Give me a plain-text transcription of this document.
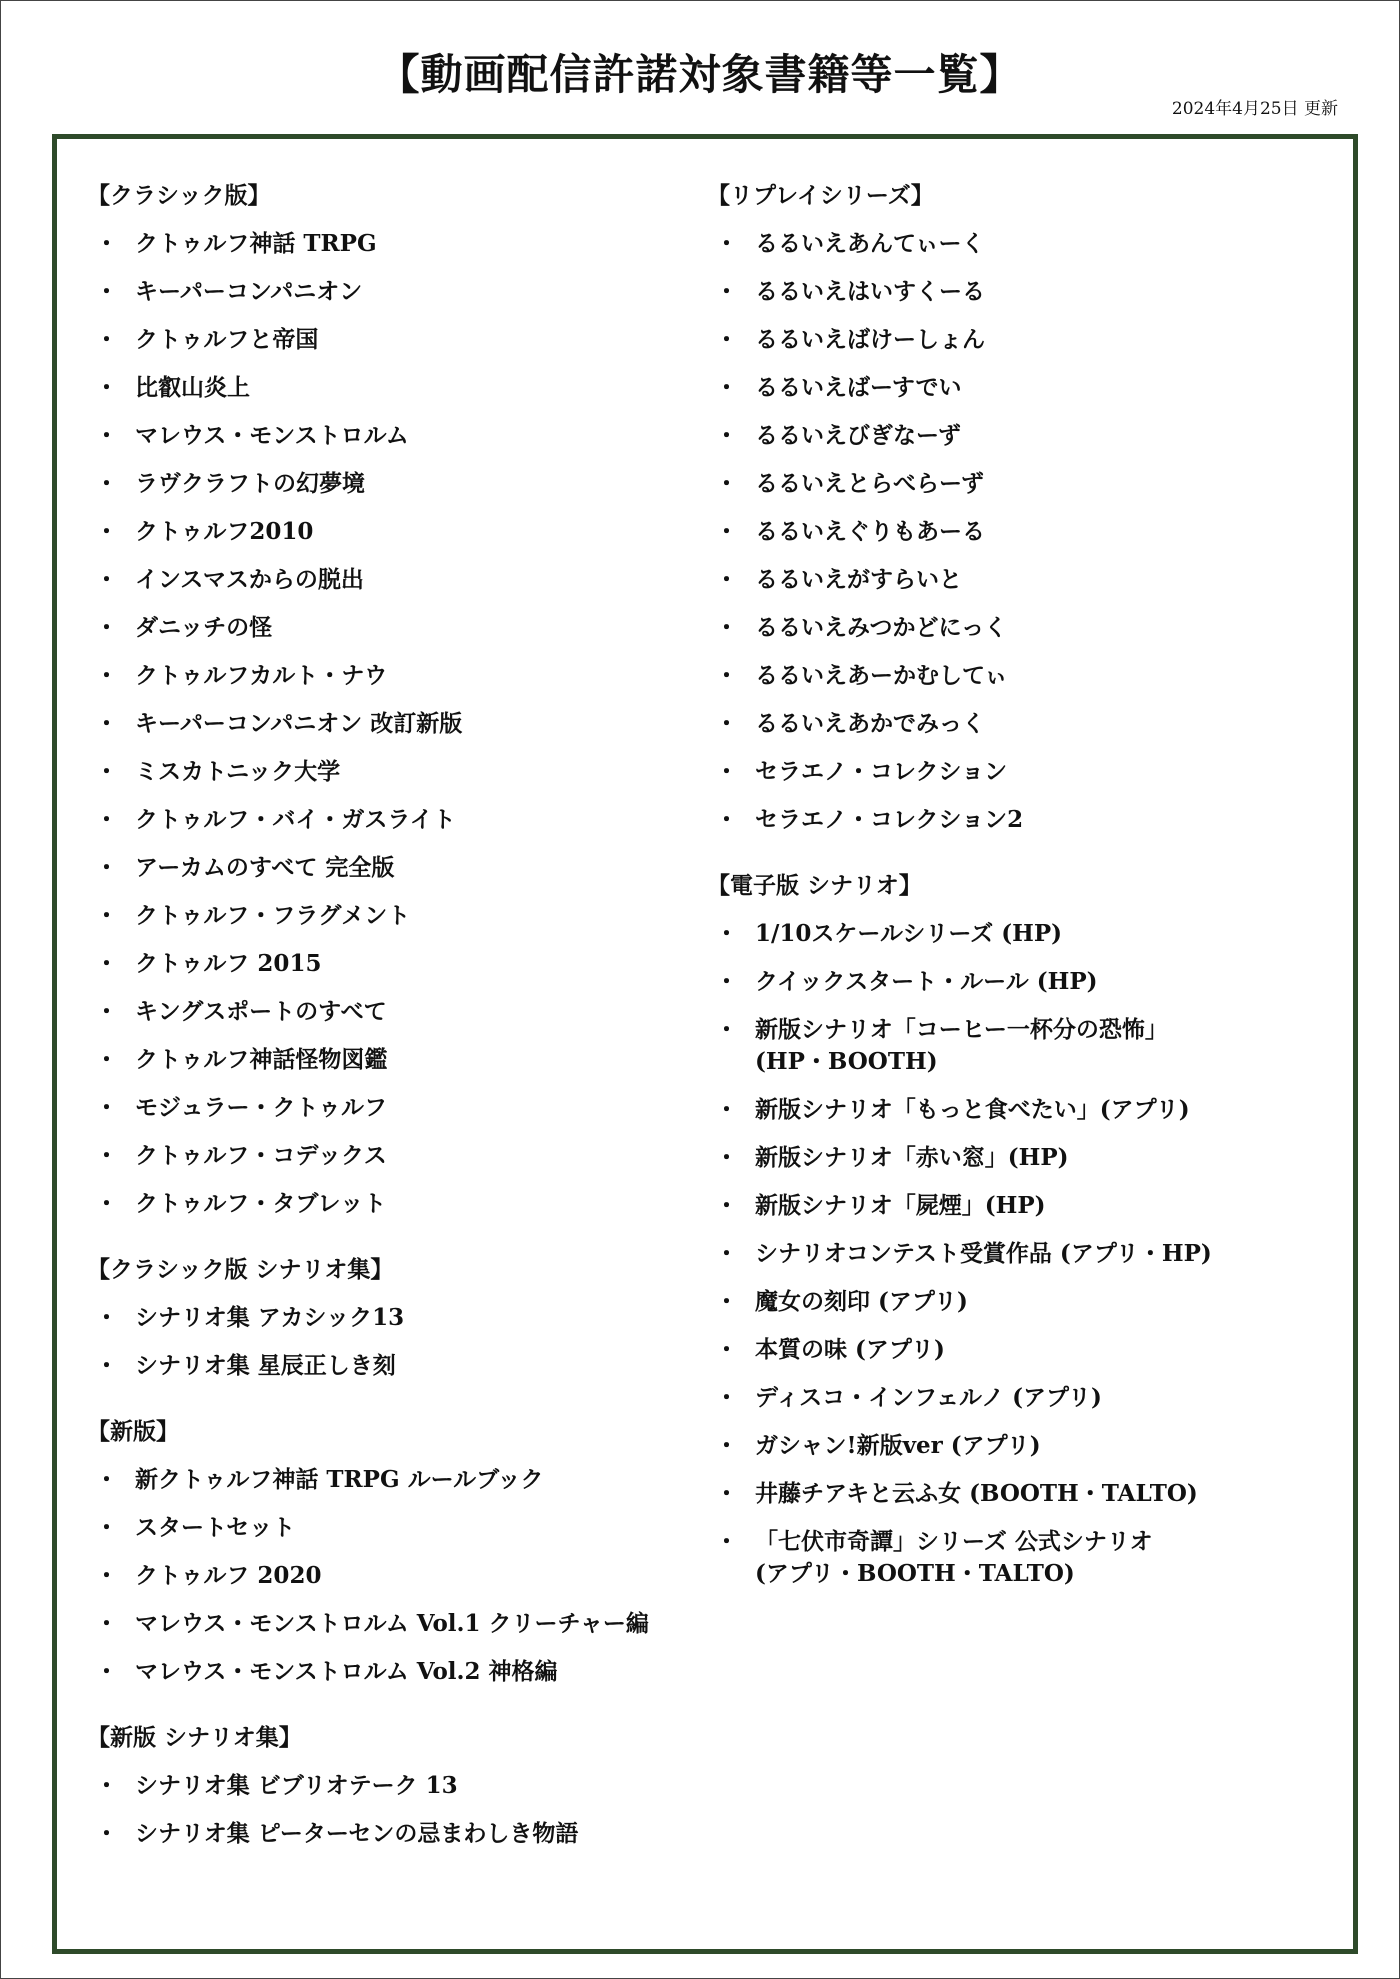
【動画配信許諾対象書籍等一覧】

2024年4月25日 更新

【クラシック版】
・ クトゥルフ神話 TRPG
・ キーパーコンパニオン
・ クトゥルフと帝国
・ 比叡山炎上
・ マレウス・モンストロルム
・ ラヴクラフトの幻夢境
・ クトゥルフ2010
・ インスマスからの脱出
・ ダニッチの怪
・ クトゥルフカルト・ナウ
・ キーパーコンパニオン 改訂新版
・ ミスカトニック大学
・ クトゥルフ・バイ・ガスライト
・ アーカムのすべて 完全版
・ クトゥルフ・フラグメント
・ クトゥルフ 2015
・ キングスポートのすべて
・ クトゥルフ神話怪物図鑑
・ モジュラー・クトゥルフ
・ クトゥルフ・コデックス
・ クトゥルフ・タブレット
【クラシック版 シナリオ集】
・ シナリオ集 アカシック13
・ シナリオ集 星辰正しき刻
【新版】
・ 新クトゥルフ神話 TRPG ルールブック
・ スタートセット
・ クトゥルフ 2020
・ マレウス・モンストロルム Vol.1 クリーチャー編
・ マレウス・モンストロルム Vol.2 神格編
【新版 シナリオ集】
・ シナリオ集 ビブリオテーク 13
・ シナリオ集 ピーターセンの忌まわしき物語
【リプレイシリーズ】
・ るるいえあんてぃーく
・ るるいえはいすくーる
・ るるいえばけーしょん
・ るるいえばーすでい
・ るるいえびぎなーず
・ るるいえとらべらーず
・ るるいえぐりもあーる
・ るるいえがすらいと
・ るるいえみつかどにっく
・ るるいえあーかむしてぃ
・ るるいえあかでみっく
・ セラエノ・コレクション
・ セラエノ・コレクション2
【電子版 シナリオ】
・ 1/10スケールシリーズ (HP)
・ クイックスタート・ルール (HP)
・ 新版シナリオ「コーヒー一杯分の恐怖」
(HP・BOOTH)
・ 新版シナリオ「もっと食べたい」(アプリ)
・ 新版シナリオ「赤い窓」(HP)
・ 新版シナリオ「屍煙」(HP)
・ シナリオコンテスト受賞作品 (アプリ・HP)
・ 魔女の刻印 (アプリ)
・ 本質の味 (アプリ)
・ ディスコ・インフェルノ (アプリ)
・ ガシャン!新版ver (アプリ)
・ 井藤チアキと云ふ女 (BOOTH・TALTO)
・ 「七伏市奇譚」シリーズ 公式シナリオ
(アプリ・BOOTH・TALTO)
